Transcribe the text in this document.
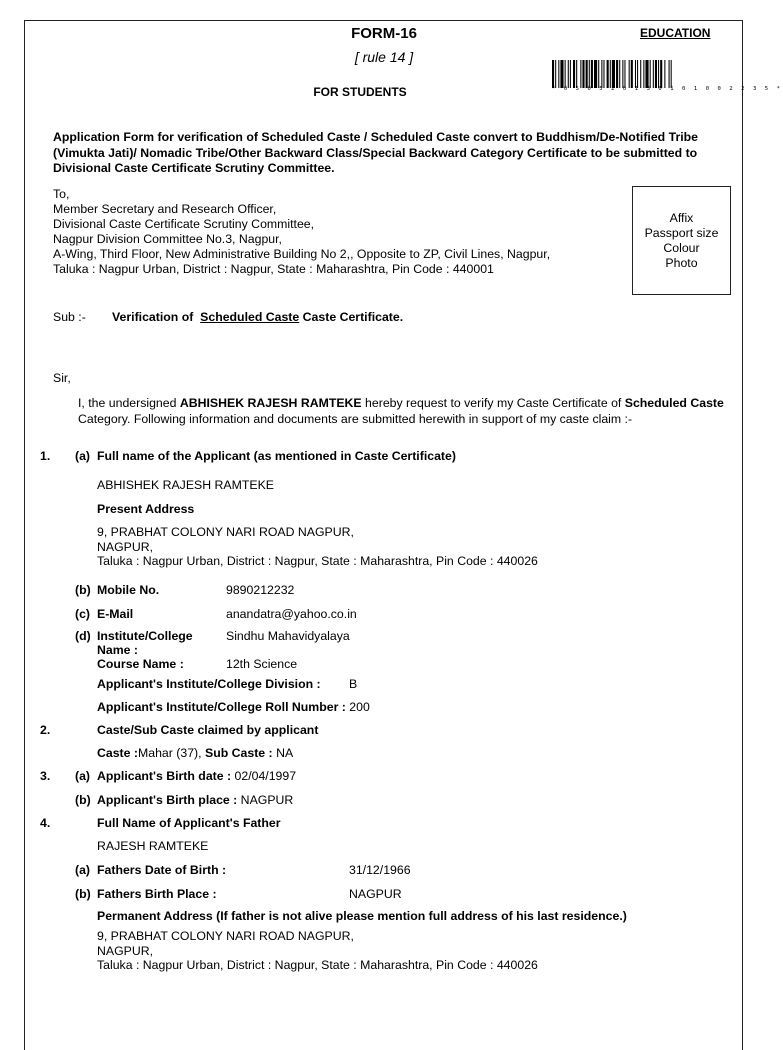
FORM-16
[ rule 14 ]
EDUCATION
* 0 5 0 5 2 0 1 3 0 1 0 1 0 0 2 2 3 5 *
FOR STUDENTS
Application Form for verification of Scheduled Caste / Scheduled Caste convert to Buddhism/De-Notified Tribe (Vimukta Jati)/ Nomadic Tribe/Other Backward Class/Special Backward Category Certificate to be submitted to Divisional Caste Certificate Scrutiny Committee.
To,
Member Secretary and Research Officer,
Divisional Caste Certificate Scrutiny Committee,
Nagpur Division Committee No.3, Nagpur,
A-Wing, Third Floor, New Administrative Building No 2,, Opposite to ZP, Civil Lines, Nagpur,
Taluka : Nagpur Urban, District : Nagpur, State : Maharashtra, Pin Code : 440001
Affix
Passport size
Colour
Photo
Sub :- Verification of Scheduled Caste Caste Certificate.
Sir,
I, the undersigned ABHISHEK RAJESH RAMTEKE hereby request to verify my Caste Certificate of Scheduled Caste Category. Following information and documents are submitted herewith in support of my caste claim :-
1. (a) Full name of the Applicant (as mentioned in Caste Certificate)
ABHISHEK RAJESH RAMTEKE
Present Address
9, PRABHAT COLONY NARI ROAD NAGPUR,
NAGPUR,
Taluka : Nagpur Urban, District : Nagpur, State : Maharashtra, Pin Code : 440026
(b) Mobile No.	9890212232
(c) E-Mail	anandatra@yahoo.co.in
(d) Institute/College
Name :
Sindhu Mahavidyalaya
Course Name :	12th Science
Applicant's Institute/College Division : B
Applicant's Institute/College Roll Number : 200
2.	Caste/Sub Caste claimed by applicant
Caste :Mahar (37), Sub Caste : NA
3. (a) Applicant's Birth date : 02/04/1997
(b) Applicant's Birth place : NAGPUR
4.	Full Name of Applicant's Father
RAJESH RAMTEKE
(a) Fathers Date of Birth :	31/12/1966
(b) Fathers Birth Place :	NAGPUR
Permanent Address (If father is not alive please mention full address of his last residence.)
9, PRABHAT COLONY NARI ROAD NAGPUR,
NAGPUR,
Taluka : Nagpur Urban, District : Nagpur, State : Maharashtra, Pin Code : 440026
